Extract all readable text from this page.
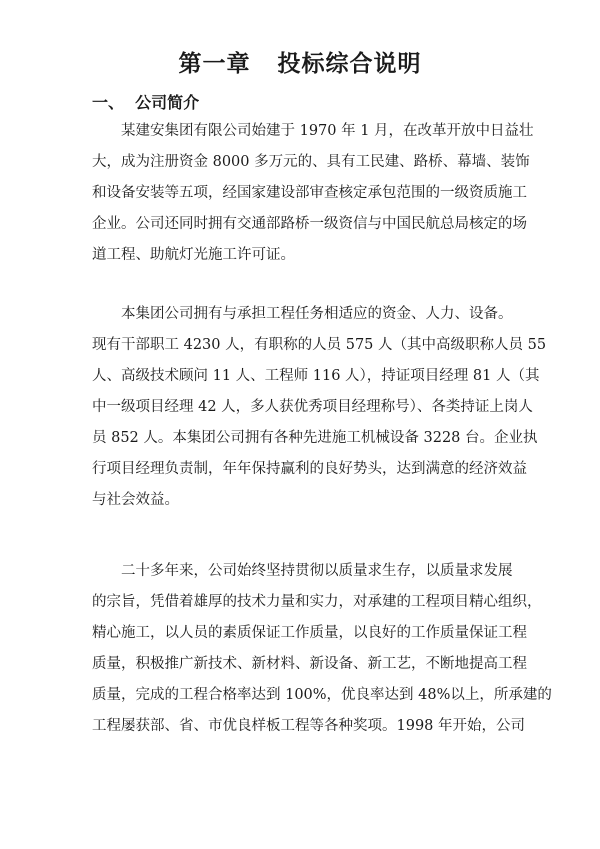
第一章   投标综合说明
一、  公司简介
某建安集团有限公司始建于 1970 年 1 月，在改革开放中日益壮
大，成为注册资金 8000 多万元的、具有工民建、路桥、幕墙、装饰
和设备安装等五项，经国家建设部审查核定承包范围的一级资质施工
企业。公司还同时拥有交通部路桥一级资信与中国民航总局核定的场
道工程、助航灯光施工许可证。
本集团公司拥有与承担工程任务相适应的资金、人力、设备。
现有干部职工 4230 人，有职称的人员 575 人（其中高级职称人员 55
人、高级技术顾问 11 人、工程师 116 人），持证项目经理 81 人（其
中一级项目经理 42 人，多人获优秀项目经理称号）、各类持证上岗人
员 852 人。本集团公司拥有各种先进施工机械设备 3228 台。企业执
行项目经理负责制，年年保持赢利的良好势头，达到满意的经济效益
与社会效益。
二十多年来，公司始终坚持贯彻以质量求生存，以质量求发展
的宗旨，凭借着雄厚的技术力量和实力，对承建的工程项目精心组织，
精心施工，以人员的素质保证工作质量，以良好的工作质量保证工程
质量，积极推广新技术、新材料、新设备、新工艺，不断地提高工程
质量，完成的工程合格率达到 100%，优良率达到 48%以上，所承建的
工程屡获部、省、市优良样板工程等各种奖项。1998 年开始，公司
